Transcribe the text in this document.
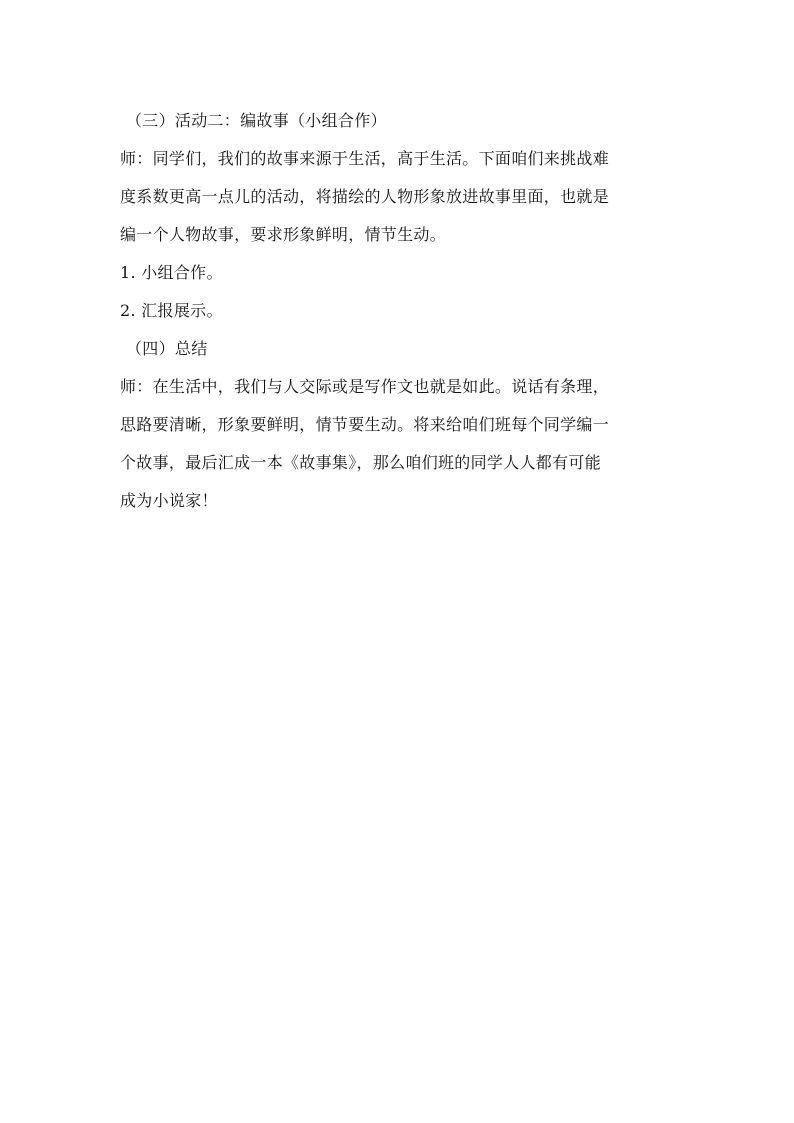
（三）活动二：编故事（小组合作）
师：同学们，我们的故事来源于生活，高于生活。下面咱们来挑战难
度系数更高一点儿的活动，将描绘的人物形象放进故事里面，也就是
编一个人物故事，要求形象鲜明，情节生动。
1. 小组合作。
2. 汇报展示。
（四）总结
师：在生活中，我们与人交际或是写作文也就是如此。说话有条理，
思路要清晰，形象要鲜明，情节要生动。将来给咱们班每个同学编一
个故事，最后汇成一本《故事集》，那么咱们班的同学人人都有可能
成为小说家！
